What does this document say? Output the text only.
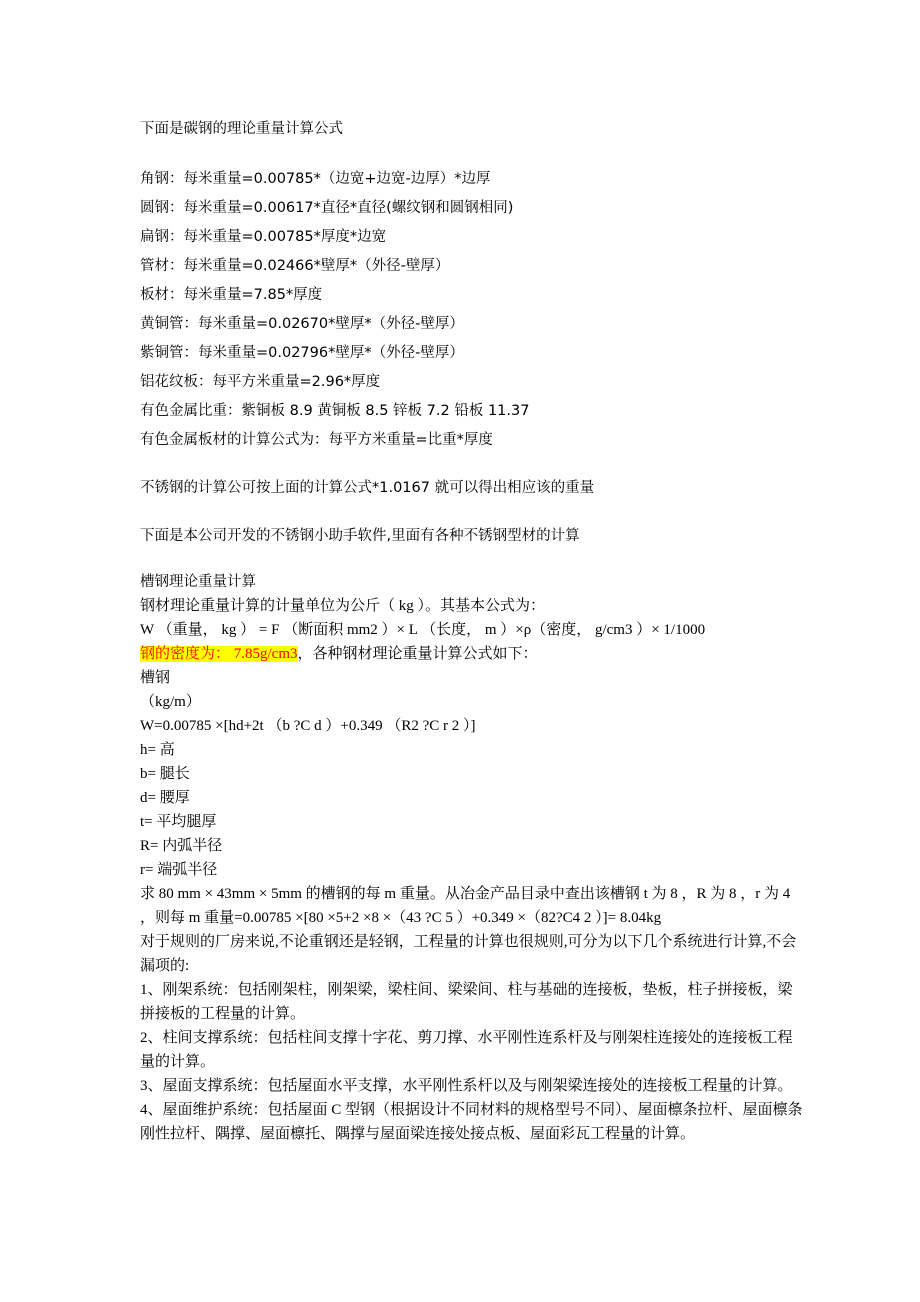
下面是碳钢的理论重量计算公式
角钢：每米重量=0.00785*（边宽+边宽-边厚）*边厚
圆钢：每米重量=0.00617*直径*直径(螺纹钢和圆钢相同)
扁钢：每米重量=0.00785*厚度*边宽
管材：每米重量=0.02466*壁厚*（外径-壁厚）
板材：每米重量=7.85*厚度
黄铜管：每米重量=0.02670*壁厚*（外径-壁厚）
紫铜管：每米重量=0.02796*壁厚*（外径-壁厚）
铝花纹板：每平方米重量=2.96*厚度
有色金属比重：紫铜板 8.9 黄铜板 8.5 锌板 7.2 铅板 11.37
有色金属板材的计算公式为：每平方米重量=比重*厚度
不锈钢的计算公可按上面的计算公式*1.0167 就可以得出相应该的重量
下面是本公司开发的不锈钢小助手软件,里面有各种不锈钢型材的计算
槽钢理论重量计算
钢材理论重量计算的计量单位为公斤（ kg ）。其基本公式为：
W （重量， kg ） = F （断面积 mm2 ）× L （长度， m ）×ρ（密度， g/cm3 ）× 1/1000
钢的密度为： 7.85g/cm3，各种钢材理论重量计算公式如下：
槽钢
（kg/m）
W=0.00785 ×[hd+2t （b ?C d ）+0.349 （R2 ?C r 2 ）]
h= 高
b= 腿长
d= 腰厚
t= 平均腿厚
R= 内弧半径
r= 端弧半径
求 80 mm × 43mm × 5mm 的槽钢的每 m 重量。从冶金产品目录中查出该槽钢 t 为 8 ，R 为 8 ，r 为 4 ，则每 m 重量=0.00785 ×[80 ×5+2 ×8 ×（43 ?C 5 ）+0.349 ×（82?C4 2 ）]= 8.04kg
对于规则的厂房来说,不论重钢还是轻钢，工程量的计算也很规则,可分为以下几个系统进行计算,不会漏项的:
1、刚架系统：包括刚架柱，刚架梁，梁柱间、梁梁间、柱与基础的连接板，垫板，柱子拼接板，梁拼接板的工程量的计算。
2、柱间支撑系统：包括柱间支撑十字花、剪刀撑、水平刚性连系杆及与刚架柱连接处的连接板工程量的计算。
3、屋面支撑系统：包括屋面水平支撑，水平刚性系杆以及与刚架梁连接处的连接板工程量的计算。
4、屋面维护系统：包括屋面 C 型钢（根据设计不同材料的规格型号不同）、屋面檩条拉杆、屋面檩条刚性拉杆、隅撑、屋面檩托、隅撑与屋面梁连接处接点板、屋面彩瓦工程量的计算。
